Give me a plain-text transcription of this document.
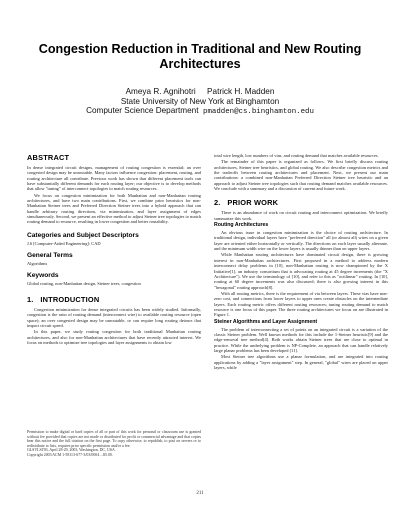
Congestion Reduction in Traditional and New Routing
Architectures
Ameya R. Agnihotri     Patrick H. Madden
State University of New York at Binghamton
Computer Science Department pmadden@cs.binghamton.edu
ABSTRACT

In dense integrated circuit designs, management of routing congestion is essential; an over congested design may be unroutable. Many factors influence congestion: placement, routing, and routing architecture all contribute. Previous work has shown that different placement tools can have substantially different demands for each routing layer; our objective is to develop methods that allow "tuning" of interconnect topologies to match routing resources.

We focus on congestion minimization for both Manhattan and non-Manhattan routing architectures, and have two main contributions. First, we combine prior heuristics for non-Manhattan Steiner trees and Preferred Direction Steiner trees into a hybrid approach that can handle arbitrary routing directions, via minimization, and layer assignment of edges simultaneously. Second, we present an effective method to adjust Steiner tree topologies to match routing demand to resource, resulting in lower congestion and better routability.

Categories and Subject Descriptors
J.6 [Computer-Aided Engineering]: CAD
General Terms
Algorithms
Keywords
Global routing, non-Manhattan design, Steiner trees, congestion
1.   INTRODUCTION

Congestion minimization for dense integrated circuits has been widely studied. Informally, congestion is the ratio of routing demand (interconnect wire) to available routing resource (open space); an over congested design may be unroutable, or can require long routing detours that impact circuit speed.

In this paper, we study routing congestion for both traditional Manhattan routing architectures, and also for non-Manhattan architectures that have recently attracted interest. We focus on methods to optimize tree topologies and layer assignments to obtain low

Permission to make digital or hard copies of all or part of this work for personal or classroom use is granted without fee provided that copies are not made or distributed for profit or commercial advantage and that copies bear this notice and the full citation on the first page. To copy otherwise, to republish, to post on servers or to redistribute to lists, requires prior specific permission and/or a fee.
GLSVLSI'03, April 28-29, 2003, Washington, DC, USA.
Copyright 2003 ACM 1-58113-677-3/03/0004 ...$5.00.

total wire length, low numbers of vias, and routing demand that matches available resources.

The remainder of this paper is organized as follows. We first briefly discuss routing architectures, Steiner tree heuristics, and global routing. We also describe congestion metrics and the tradeoffs between routing architectures and placement. Next, we present our main contributions: a combined non-Manhattan Preferred Direction Steiner tree heuristic and an approach to adjust Steiner tree topologies such that routing demand matches available resources. We conclude with a summary and a discussion of current and future work.

2.   PRIOR WORK

There is an abundance of work on circuit routing and interconnect optimization. We briefly summarize this work.

Routing Architectures

An obvious issue in congestion minimization is the choice of routing architecture. In traditional design, individual layers have "preferred direction" all (or almost all) wires on a given layer are oriented either horizontally or vertically. The directions on each layer usually alternate, and the minimum width wire on the lower layers is usually thinner than on upper layers.

While Manhattan routing architectures have dominated circuit design, there is growing interest in non-Manhattan architectures. First proposed in a method to address modern interconnect delay problems in [10], non-Manhattan routing is now championed by the X Initiative[1], an industry consortium that is advocating routing at 45 degree increments (the "X Architecture"). We use the terminology of [10], and refer to this as "octilinear" routing. In [10], routing at 60 degree increments was also discussed; there is also growing interest in this "hexagonal" routing approach[8].

With all routing metrics, there is the requirement of via between layers. These vias have non-zero cost, and connections from lower layers to upper ones create obstacles on the intermediate layers. Each routing metric offers different routing resources; tuning routing demand to match resource is one focus of this paper. The three routing architectures we focus on are illustrated in Figure 1.

Steiner Algorithms and Layer Assignment

The problem of interconnecting a set of points on an integrated circuit is a variation of the classic Steiner problem. Well known methods for this include the 1-Steiner heuristic[9] and the edge-removal tree method[4]. Both works obtain Steiner trees that are close to optimal in practice. While the underlying problem is NP-Complete, an approach that can handle relatively large planar problems has been developed [11].

Most Steiner tree algorithms use a planar formulation, and are integrated into routing applications by adding a "layer assignment" step. In general, "global" wires are placed on upper layers, while

211
